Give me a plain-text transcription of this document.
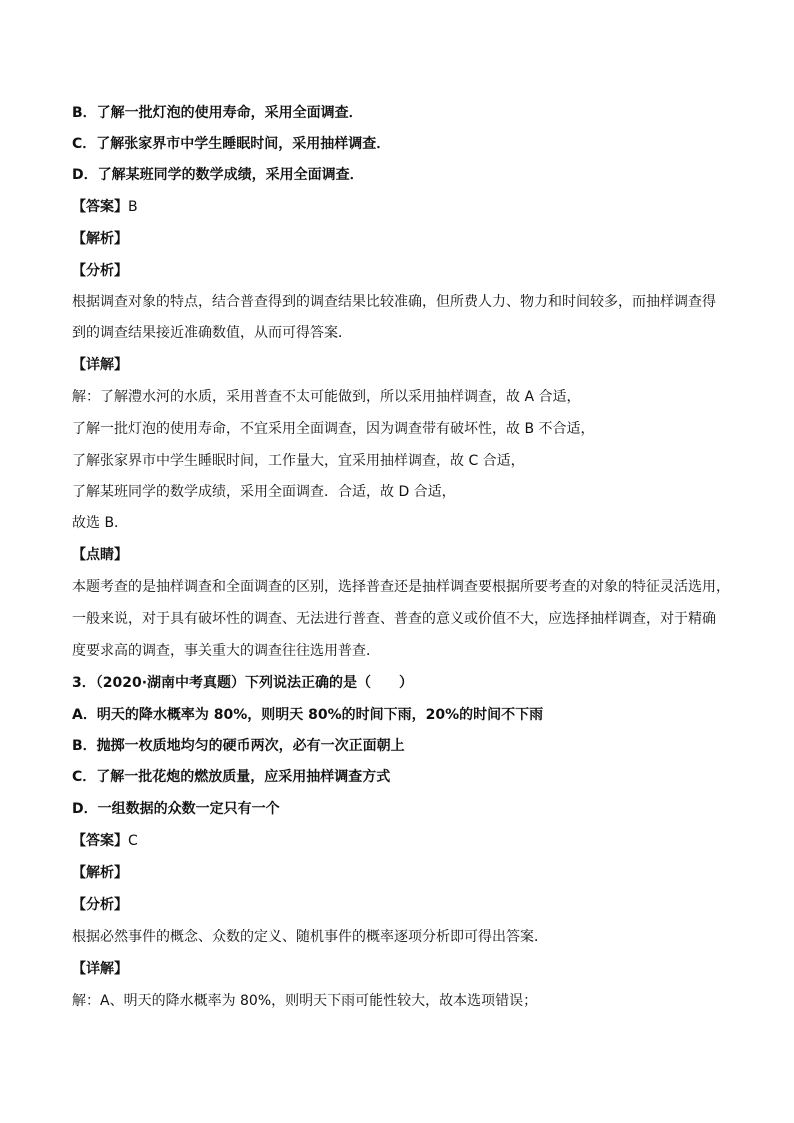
B．了解一批灯泡的使用寿命，采用全面调查．
C．了解张家界市中学生睡眠时间，采用抽样调查．
D．了解某班同学的数学成绩，采用全面调查．
【答案】B
【解析】
【分析】
根据调查对象的特点，结合普查得到的调查结果比较准确，但所费人力、物力和时间较多，而抽样调查得
到的调查结果接近准确数值，从而可得答案．
【详解】
解：了解澧水河的水质，采用普查不太可能做到，所以采用抽样调查，故 A 合适，
了解一批灯泡的使用寿命，不宜采用全面调查，因为调查带有破坏性，故 B 不合适，
了解张家界市中学生睡眠时间，工作量大，宜采用抽样调查，故 C 合适，
了解某班同学的数学成绩，采用全面调查．合适，故 D 合适，
故选 B．
【点睛】
本题考查的是抽样调查和全面调查的区别，选择普查还是抽样调查要根据所要考查的对象的特征灵活选用，
一般来说，对于具有破坏性的调查、无法进行普查、普查的意义或价值不大，应选择抽样调查，对于精确
度要求高的调查，事关重大的调查往往选用普查．
3．（2020·湖南中考真题）下列说法正确的是（　　）
A．明天的降水概率为 80%，则明天 80%的时间下雨，20%的时间不下雨
B．抛掷一枚质地均匀的硬币两次，必有一次正面朝上
C．了解一批花炮的燃放质量，应采用抽样调查方式
D．一组数据的众数一定只有一个
【答案】C
【解析】
【分析】
根据必然事件的概念、众数的定义、随机事件的概率逐项分析即可得出答案．
【详解】
解：A、明天的降水概率为 80%，则明天下雨可能性较大，故本选项错误；
